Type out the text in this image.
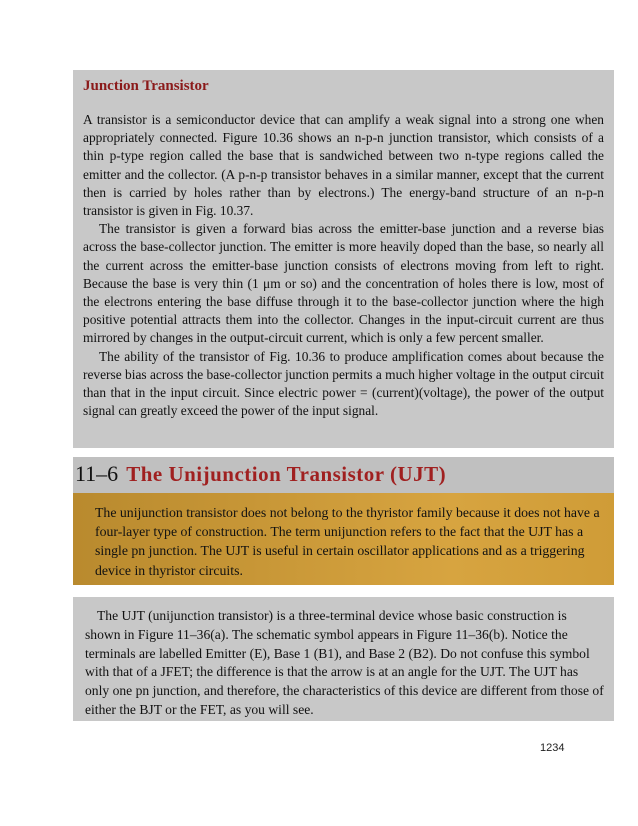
Junction Transistor

A transistor is a semiconductor device that can amplify a weak signal into a strong one when appropriately connected. Figure 10.36 shows an n-p-n junction transistor, which consists of a thin p-type region called the base that is sandwiched between two n-type regions called the emitter and the collector. (A p-n-p transistor behaves in a similar manner, except that the current then is carried by holes rather than by electrons.) The energy-band structure of an n-p-n transistor is given in Fig. 10.37.

The transistor is given a forward bias across the emitter-base junction and a reverse bias across the base-collector junction. The emitter is more heavily doped than the base, so nearly all the current across the emitter-base junction consists of electrons moving from left to right. Because the base is very thin (1 μm or so) and the concentration of holes there is low, most of the electrons entering the base diffuse through it to the base-collector junction where the high positive potential attracts them into the collector. Changes in the input-circuit current are thus mirrored by changes in the output-circuit current, which is only a few percent smaller.

The ability of the transistor of Fig. 10.36 to produce amplification comes about because the reverse bias across the base-collector junction permits a much higher voltage in the output circuit than that in the input circuit. Since electric power = (current)(voltage), the power of the output signal can greatly exceed the power of the input signal.

11–6 The Unijunction Transistor (UJT)

The unijunction transistor does not belong to the thyristor family because it does not have a four-layer type of construction. The term unijunction refers to the fact that the UJT has a single pn junction. The UJT is useful in certain oscillator applications and as a triggering device in thyristor circuits.

The UJT (unijunction transistor) is a three-terminal device whose basic construction is shown in Figure 11–36(a). The schematic symbol appears in Figure 11–36(b). Notice the terminals are labelled Emitter (E), Base 1 (B1), and Base 2 (B2). Do not confuse this symbol with that of a JFET; the difference is that the arrow is at an angle for the UJT. The UJT has only one pn junction, and therefore, the characteristics of this device are different from those of either the BJT or the FET, as you will see.

1234
